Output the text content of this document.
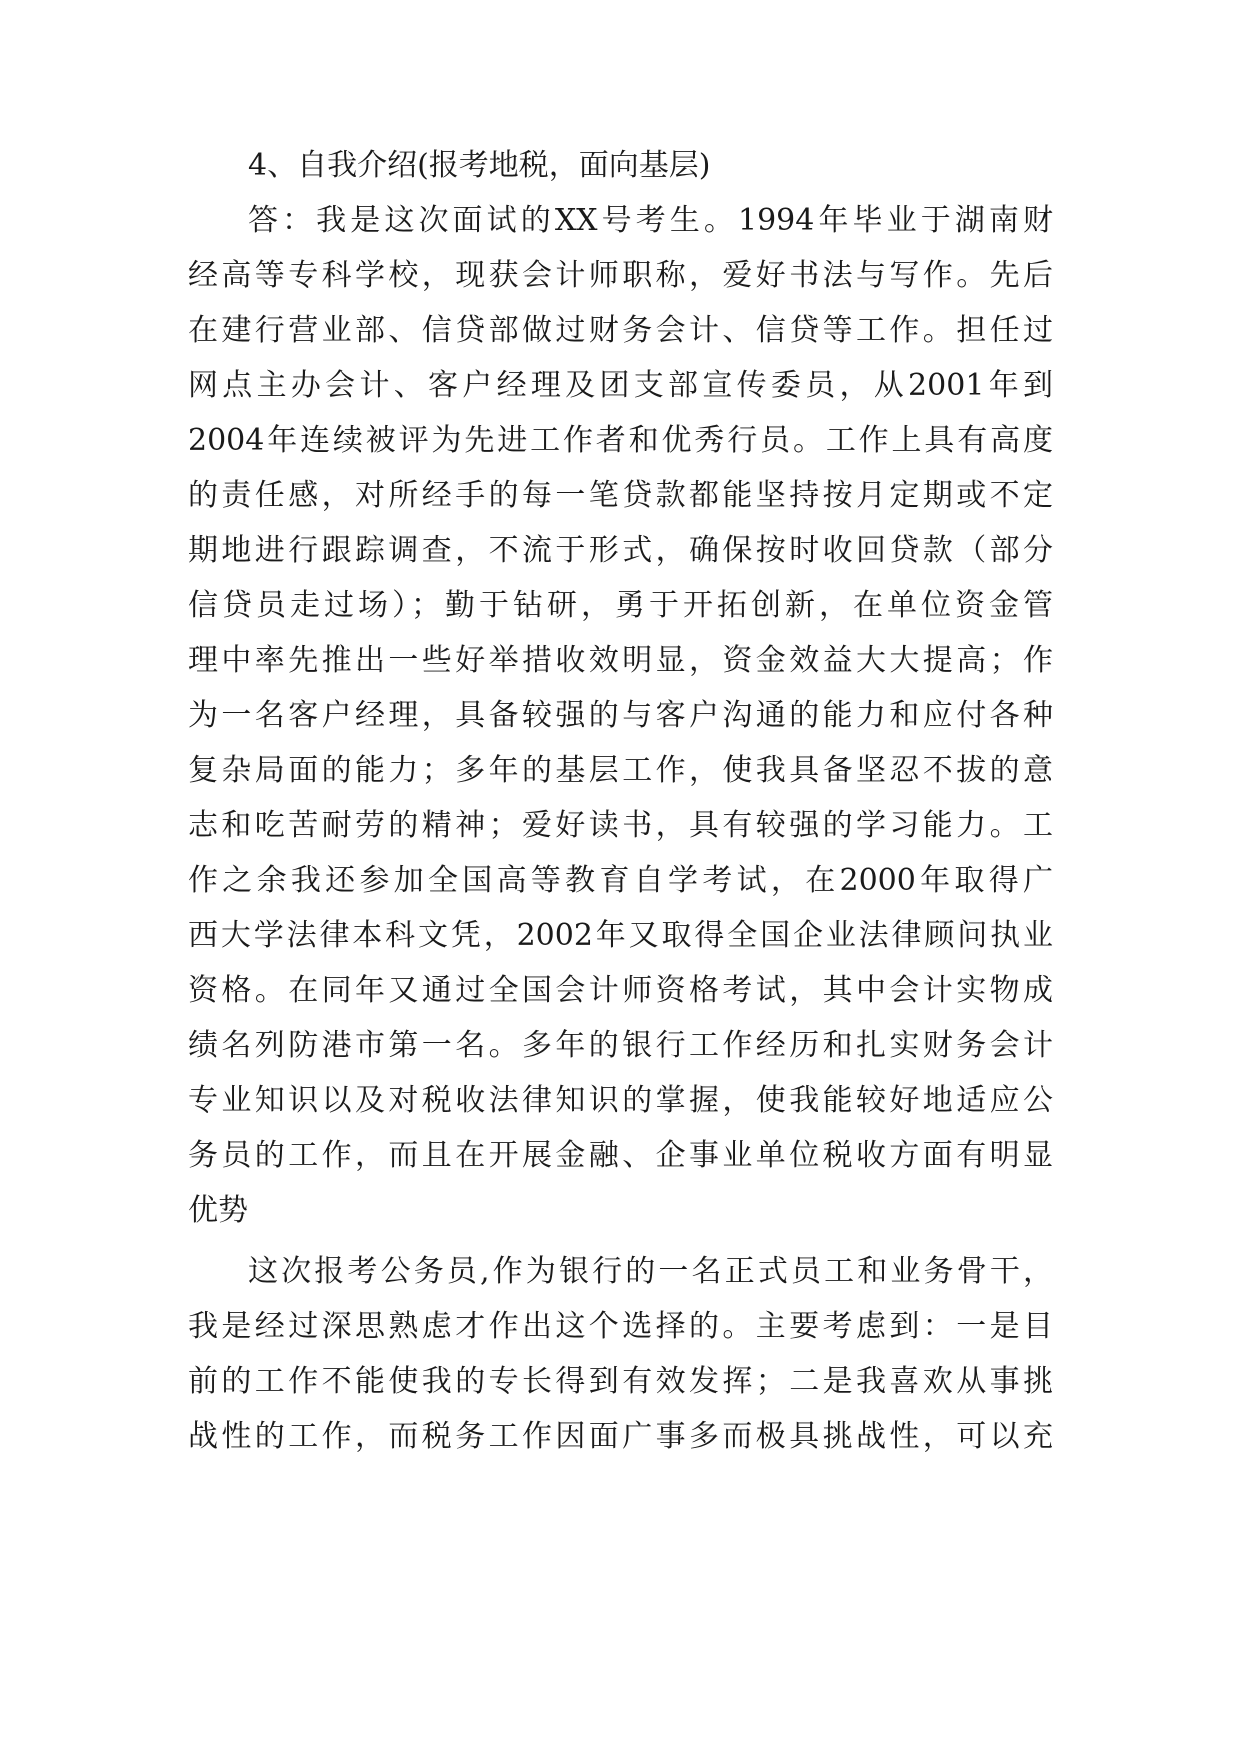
4、自我介绍(报考地税，面向基层)
答：我是这次面试的XX号考生。1994年毕业于湖南财
经高等专科学校，现获会计师职称，爱好书法与写作。先后
在建行营业部、信贷部做过财务会计、信贷等工作。担任过
网点主办会计、客户经理及团支部宣传委员，从2001年到
2004年连续被评为先进工作者和优秀行员。工作上具有高度
的责任感，对所经手的每一笔贷款都能坚持按月定期或不定
期地进行跟踪调查，不流于形式，确保按时收回贷款（部分
信贷员走过场）；勤于钻研，勇于开拓创新，在单位资金管
理中率先推出一些好举措收效明显，资金效益大大提高；作
为一名客户经理，具备较强的与客户沟通的能力和应付各种
复杂局面的能力；多年的基层工作，使我具备坚忍不拔的意
志和吃苦耐劳的精神；爱好读书，具有较强的学习能力。工
作之余我还参加全国高等教育自学考试，在2000年取得广
西大学法律本科文凭，2002年又取得全国企业法律顾问执业
资格。在同年又通过全国会计师资格考试，其中会计实物成
绩名列防港市第一名。多年的银行工作经历和扎实财务会计
专业知识以及对税收法律知识的掌握，使我能较好地适应公
务员的工作，而且在开展金融、企事业单位税收方面有明显
优势
这次报考公务员,作为银行的一名正式员工和业务骨干，
我是经过深思熟虑才作出这个选择的。主要考虑到：一是目
前的工作不能使我的专长得到有效发挥；二是我喜欢从事挑
战性的工作，而税务工作因面广事多而极具挑战性，可以充
